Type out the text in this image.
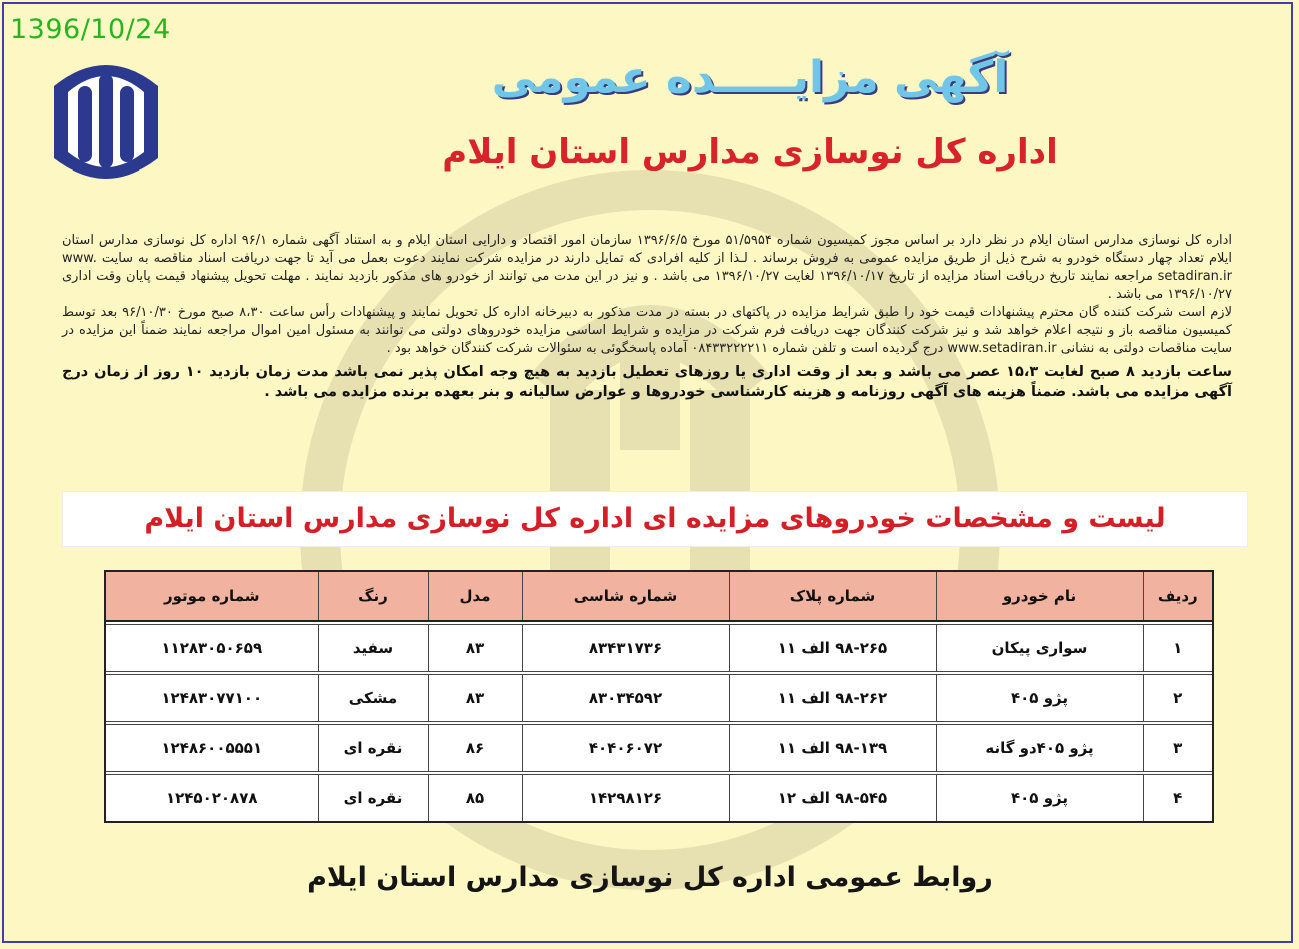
1396/10/24
آگهی مزایـــــده عمومی
اداره کل نوسازی مدارس استان ایلام

اداره کل نوسازی مدارس استان ایلام در نظر دارد بر اساس مجوز کمیسیون شماره ۵۱/۵۹۵۴ مورخ ۱۳۹۶/۶/۵ سازمان امور اقتصاد و دارایی استان ایلام و به استناد آگهی شماره ۹۶/۱ اداره کل نوسازی مدارس استان ایلام تعداد چهار دستگاه خودرو به شرح ذیل از طریق مزایده عمومی به فروش برساند . لـذا از کلیه افرادی که تمایل دارند در مزایده شرکت نمایند دعوت بعمل می آید تا جهت دریافت اسناد مناقصه به سایت www. setadiran.ir مراجعه نمایند تاریخ دریافت اسناد مزایده از تاریخ ۱۳۹۶/۱۰/۱۷ لغایت ۱۳۹۶/۱۰/۲۷ می باشد . و نیز در این مدت می توانند از خودرو های مذکور بازدید نمایند . مهلت تحویل پیشنهاد قیمت پایان وقت اداری ۱۳۹۶/۱۰/۲۷ می باشد .

لازم است شرکت کننده گان محترم پیشنهادات قیمت خود را طبق شرایط مزایده در پاکتهای در بسته در مدت مذکور به دبیرخانه اداره کل تحویل نمایند و پیشنهادات رأس ساعت ۸،۳۰ صبح مورخ ۹۶/۱۰/۳۰ بعد توسط کمیسیون مناقصه باز و نتیجه اعلام خواهد شد و نیز شرکت کنندگان جهت دریافت فرم شرکت در مزایده و شرایط اساسی مزایده خودروهای دولتی می توانند به مسئول امین اموال مراجعه نمایند ضمناً این مزایده در سایت مناقصات دولتی به نشانی www.setadiran.ir درج گردیده است و تلفن شماره ۰۸۴۳۳۲۲۲۲۱۱ آماده پاسخگوئی به سئوالات شرکت کنندگان خواهد بود .

ساعت بازدید ۸ صبح لغایت ۱۵،۳ عصر می باشد و بعد از وقت اداری یا روزهای تعطیل بازدید به هیچ وجه امکان پذیر نمی باشد مدت زمان بازدید ۱۰ روز از زمان درج آگهی مزایده می باشد. ضمناً هزینه های آگهی روزنامه و هزینه کارشناسی خودروها و عوارض سالیانه و بنر بعهده برنده مزایده می باشد .

لیست و مشخصات خودروهای مزایده ای اداره کل نوسازی مدارس استان ایلام
ردیف	نام خودرو	شماره پلاک	شماره شاسی	مدل	رنگ	شماره موتور

۱	سواری پیکان	۹۸-۲۶۵ الف ۱۱	۸۳۴۳۱۷۳۶	۸۳	سفید	۱۱۲۸۳۰۵۰۶۵۹

۲	پژو ۴۰۵	۹۸-۲۶۲ الف ۱۱	۸۳۰۳۴۵۹۲	۸۳	مشکی	۱۲۴۸۳۰۷۷۱۰۰

۳	پژو ۴۰۵دو گانه	۹۸-۱۳۹ الف ۱۱	۴۰۴۰۶۰۷۲	۸۶	نقره ای	۱۲۴۸۶۰۰۵۵۵۱

۴	پژو ۴۰۵	۹۸-۵۴۵ الف ۱۲	۱۴۲۹۸۱۲۶	۸۵	نقره ای	۱۲۴۵۰۲۰۸۷۸
روابط عمومی اداره کل نوسازی مدارس استان ایلام
